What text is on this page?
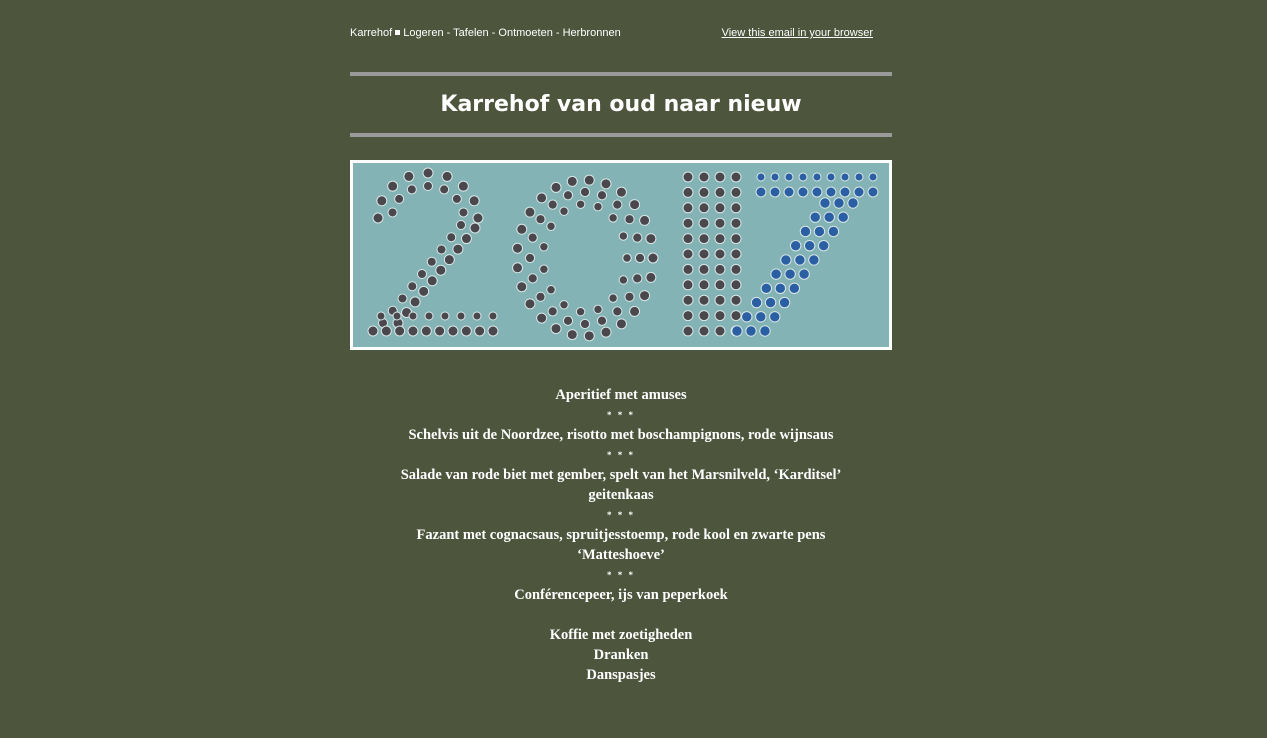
Karrehof Logeren - Tafelen - Ontmoeten - Herbronnen	View this email in your browser
Karrehof van oud naar nieuw
Aperitief met amuses
* * *
Schelvis uit de Noordzee, risotto met boschampignons, rode wijnsaus
* * *
Salade van rode biet met gember, spelt van het Marsnilveld, ‘Karditsel’
geitenkaas
* * *
Fazant met cognacsaus, spruitjesstoemp, rode kool en zwarte pens
‘Matteshoeve’
* * *
Conférencepeer, ijs van peperkoek
Koffie met zoetigheden
Dranken
Danspasjes
